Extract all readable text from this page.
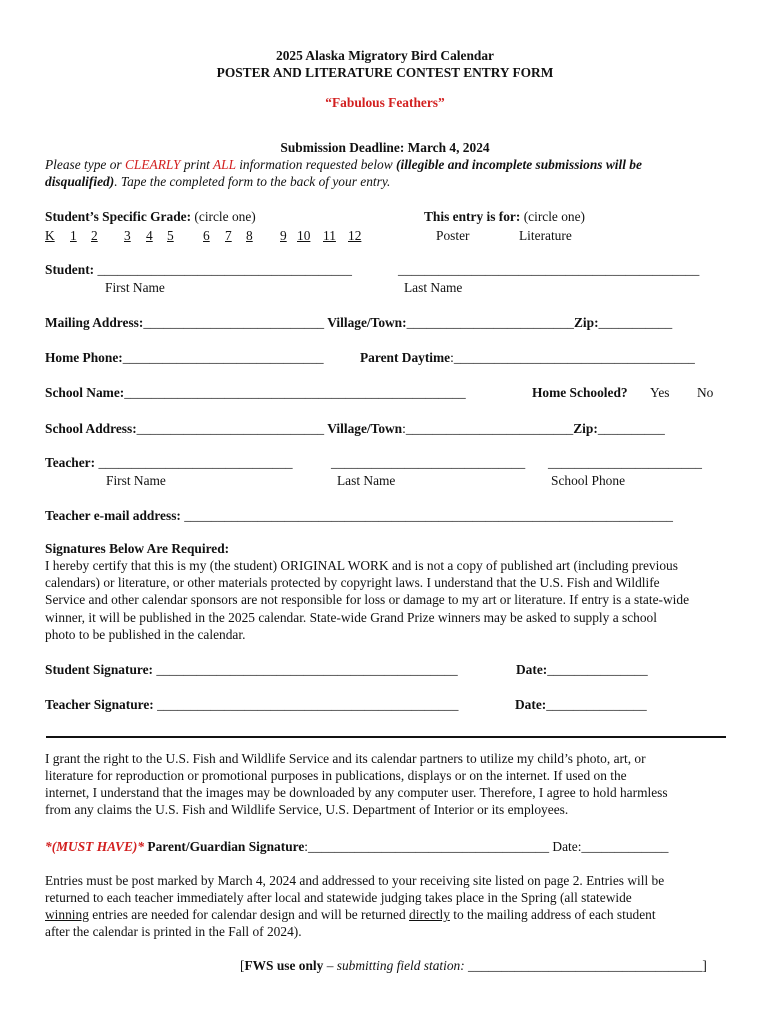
2025 Alaska Migratory Bird Calendar
POSTER AND LITERATURE CONTEST ENTRY FORM
“Fabulous Feathers”
Submission Deadline: March 4, 2024
Please type or CLEARLY print ALL information requested below (illegible and incomplete submissions will be
disqualified). Tape the completed form to the back of your entry.
Student’s Specific Grade: (circle one)
K 1 2 3 4 5 6 7 8 9 10 11 12
This entry is for: (circle one)
Poster	Literature
Student: ______________________________________	_____________________________________________
First Name	Last Name
Mailing Address:___________________________ Village/Town:_________________________Zip:___________
Home Phone:______________________________	Parent Daytime:____________________________________
School Name:___________________________________________________	Home Schooled? Yes No
School Address:____________________________ Village/Town:_________________________Zip:__________
Teacher: _____________________________	_____________________________ _______________________
First Name	Last Name	School Phone
Teacher e-mail address: _________________________________________________________________________
Signatures Below Are Required:
I hereby certify that this is my (the student) ORIGINAL WORK and is not a copy of published art (including previous
calendars) or literature, or other materials protected by copyright laws. I understand that the U.S. Fish and Wildlife
Service and other calendar sponsors are not responsible for loss or damage to my art or literature. If entry is a state-wide
winner, it will be published in the 2025 calendar. State-wide Grand Prize winners may be asked to supply a school
photo to be published in the calendar.
Student Signature: _____________________________________________	Date:_______________
Teacher Signature: _____________________________________________	Date:_______________
I grant the right to the U.S. Fish and Wildlife Service and its calendar partners to utilize my child’s photo, art, or
literature for reproduction or promotional purposes in publications, displays or on the internet. If used on the
internet, I understand that the images may be downloaded by any computer user. Therefore, I agree to hold harmless
from any claims the U.S. Fish and Wildlife Service, U.S. Department of Interior or its employees.
*(MUST HAVE)* Parent/Guardian Signature:____________________________________ Date:_____________
Entries must be post marked by March 4, 2024 and addressed to your receiving site listed on page 2. Entries will be
returned to each teacher immediately after local and statewide judging takes place in the Spring (all statewide
winning entries are needed for calendar design and will be returned directly to the mailing address of each student
after the calendar is printed in the Fall of 2024).
[FWS use only – submitting field station: ___________________________________]
